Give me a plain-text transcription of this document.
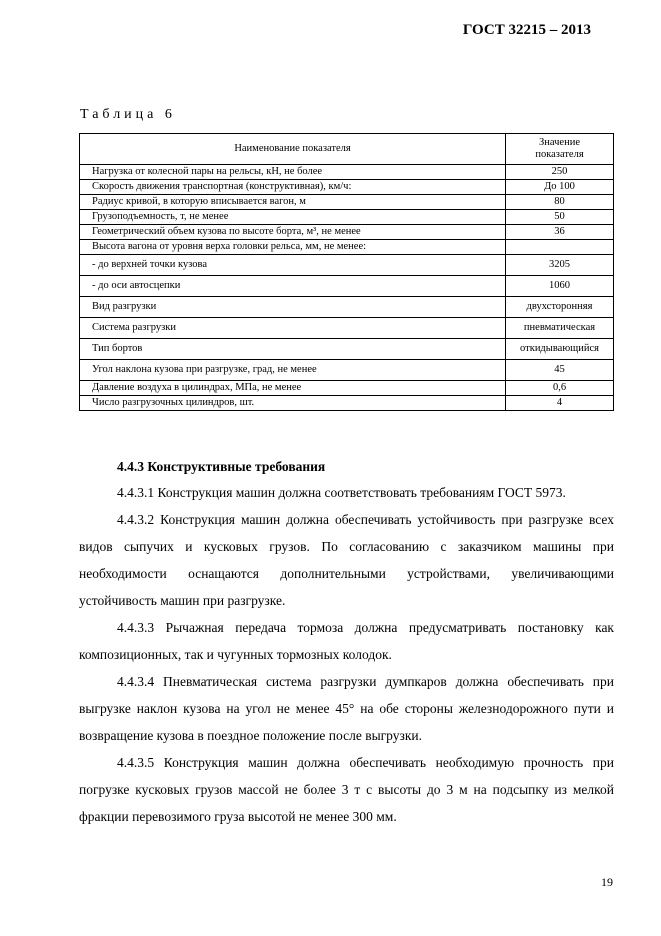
ГОСТ 32215 – 2013
Таблица 6
Наименование показателя	Значение показателя
Нагрузка от колесной пары на рельсы, кН, не более	250
Скорость движения транспортная (конструктивная), км/ч:	До 100
Радиус кривой, в которую вписывается вагон, м	80
Грузоподъемность, т, не менее	50
Геометрический объем кузова по высоте борта, м³, не менее	36
Высота вагона от уровня верха головки рельса, мм, не менее:	
- до верхней точки кузова	3205
- до оси автосцепки	1060
Вид разгрузки	двухсторонняя
Система разгрузки	пневматическая
Тип бортов	откидывающийся
Угол наклона кузова при разгрузке, град, не менее	45
Давление воздуха в цилиндрах, МПа, не менее	0,6
Число разгрузочных цилиндров, шт.	4
4.4.3 Конструктивные требования

4.4.3.1 Конструкция машин должна соответствовать требованиям ГОСТ 5973.

4.4.3.2 Конструкция машин должна обеспечивать устойчивость при разгрузке всех видов сыпучих и кусковых грузов. По согласованию с заказчиком машины при необходимости оснащаются дополнительными устройствами, увеличивающими устойчивость машин при разгрузке.

4.4.3.3 Рычажная передача тормоза должна предусматривать постановку как композиционных, так и чугунных тормозных колодок.

4.4.3.4 Пневматическая система разгрузки думпкаров должна обеспечивать при выгрузке наклон кузова на угол не менее 45° на обе стороны железнодорожного пути и возвращение кузова в поездное положение после выгрузки.

4.4.3.5 Конструкция машин должна обеспечивать необходимую прочность при погрузке кусковых грузов массой не более 3 т с высоты до 3 м на подсыпку из мелкой фракции перевозимого груза высотой не менее 300 мм.

19
